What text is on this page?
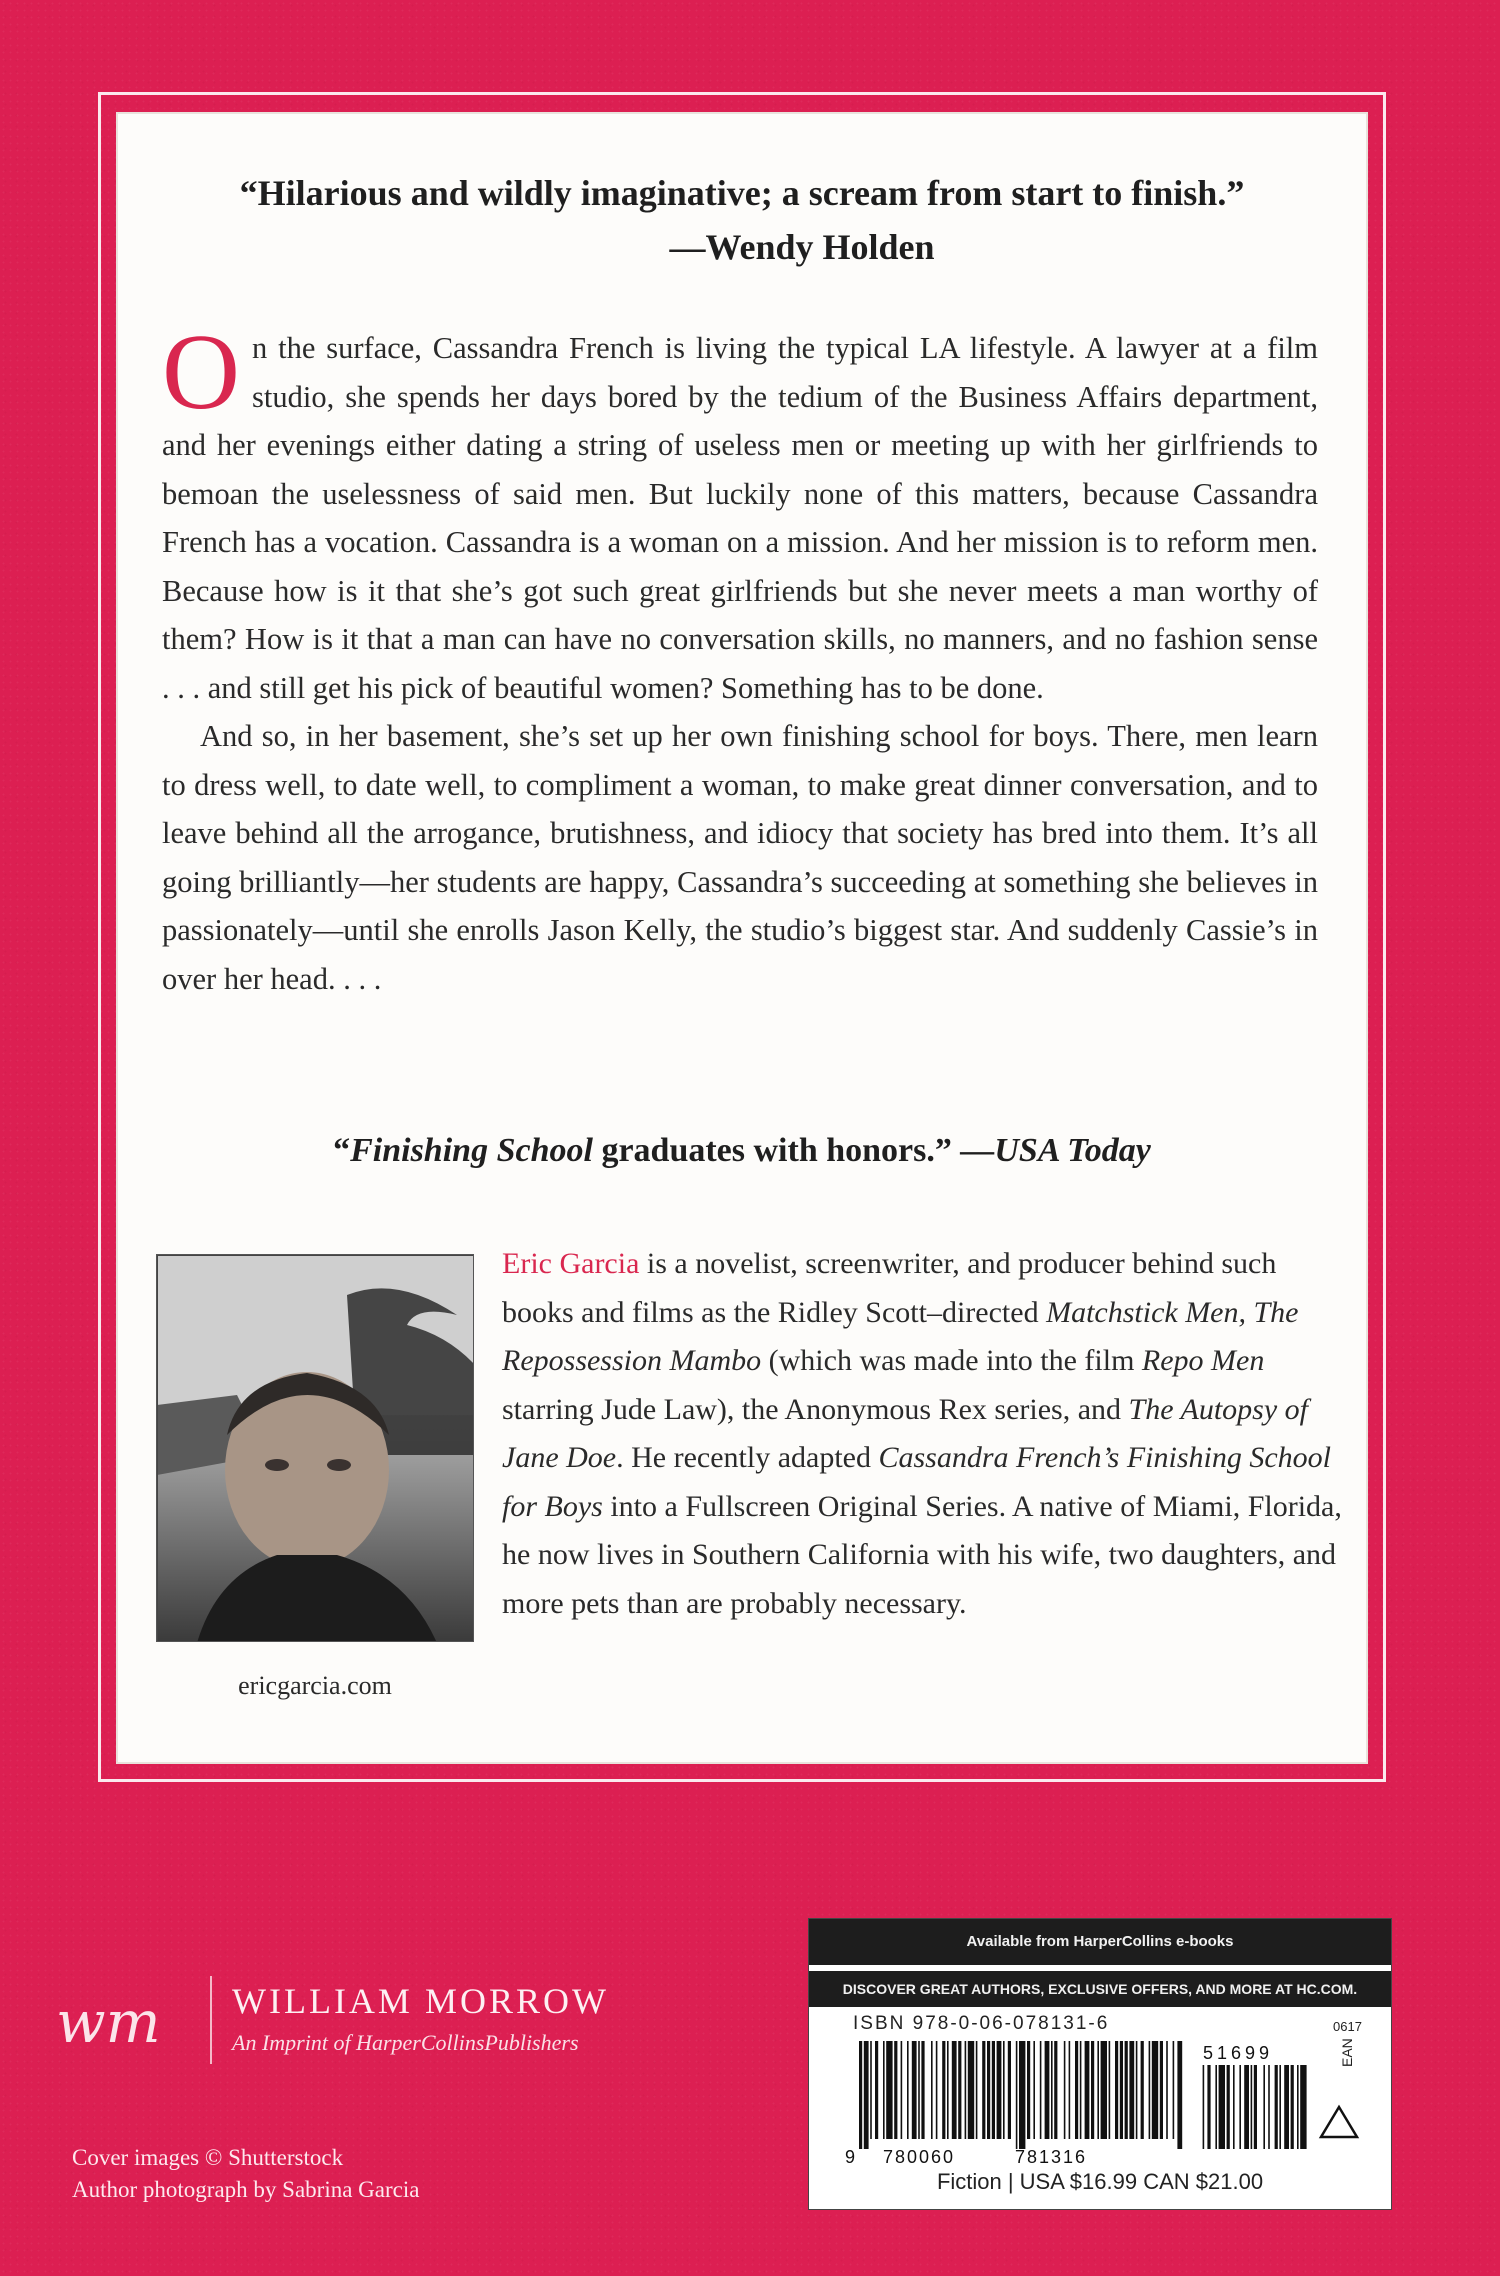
“Hilarious and wildly imaginative; a scream from start to finish.”
—Wendy Holden

On the surface, Cassandra French is living the typical LA lifestyle. A lawyer at a film studio, she spends her days bored by the tedium of the Business Affairs department, and her evenings either dating a string of useless men or meeting up with her girlfriends to bemoan the uselessness of said men. But luckily none of this matters, because Cassandra French has a vocation. Cassandra is a woman on a mission. And her mission is to reform men. Because how is it that she’s got such great girlfriends but she never meets a man worthy of them? How is it that a man can have no conversation skills, no manners, and no fashion sense . . . and still get his pick of beautiful women? Something has to be done.

And so, in her basement, she’s set up her own finishing school for boys. There, men learn to dress well, to date well, to compliment a woman, to make great dinner conversation, and to leave behind all the arrogance, brutishness, and idiocy that society has bred into them. It’s all going brilliantly—her students are happy, Cassandra’s succeeding at something she believes in passionately—until she enrolls Jason Kelly, the studio’s biggest star. And suddenly Cassie’s in over her head. . . .

“Finishing School graduates with honors.” —USA Today
ericgarcia.com
Eric Garcia is a novelist, screenwriter, and producer behind such books and films as the Ridley Scott–directed Matchstick Men, The Repossession Mambo (which was made into the film Repo Men starring Jude Law), the Anonymous Rex series, and The Autopsy of Jane Doe. He recently adapted Cassandra French’s Finishing School for Boys into a Fullscreen Original Series. A native of Miami, Florida, he now lives in Southern California with his wife, two daughters, and more pets than are probably necessary.
wm WILLIAM MORROW
An Imprint of HarperCollinsPublishers
Cover images © Shutterstock
Author photograph by Sabrina Garcia
Available from HarperCollins e-books
DISCOVER GREAT AUTHORS, EXCLUSIVE OFFERS, AND MORE AT HC.COM.
ISBN 978-0-06-078131-6	0617
9 780060	781316
51699	EAN
Fiction | USA $16.99 CAN $21.00
